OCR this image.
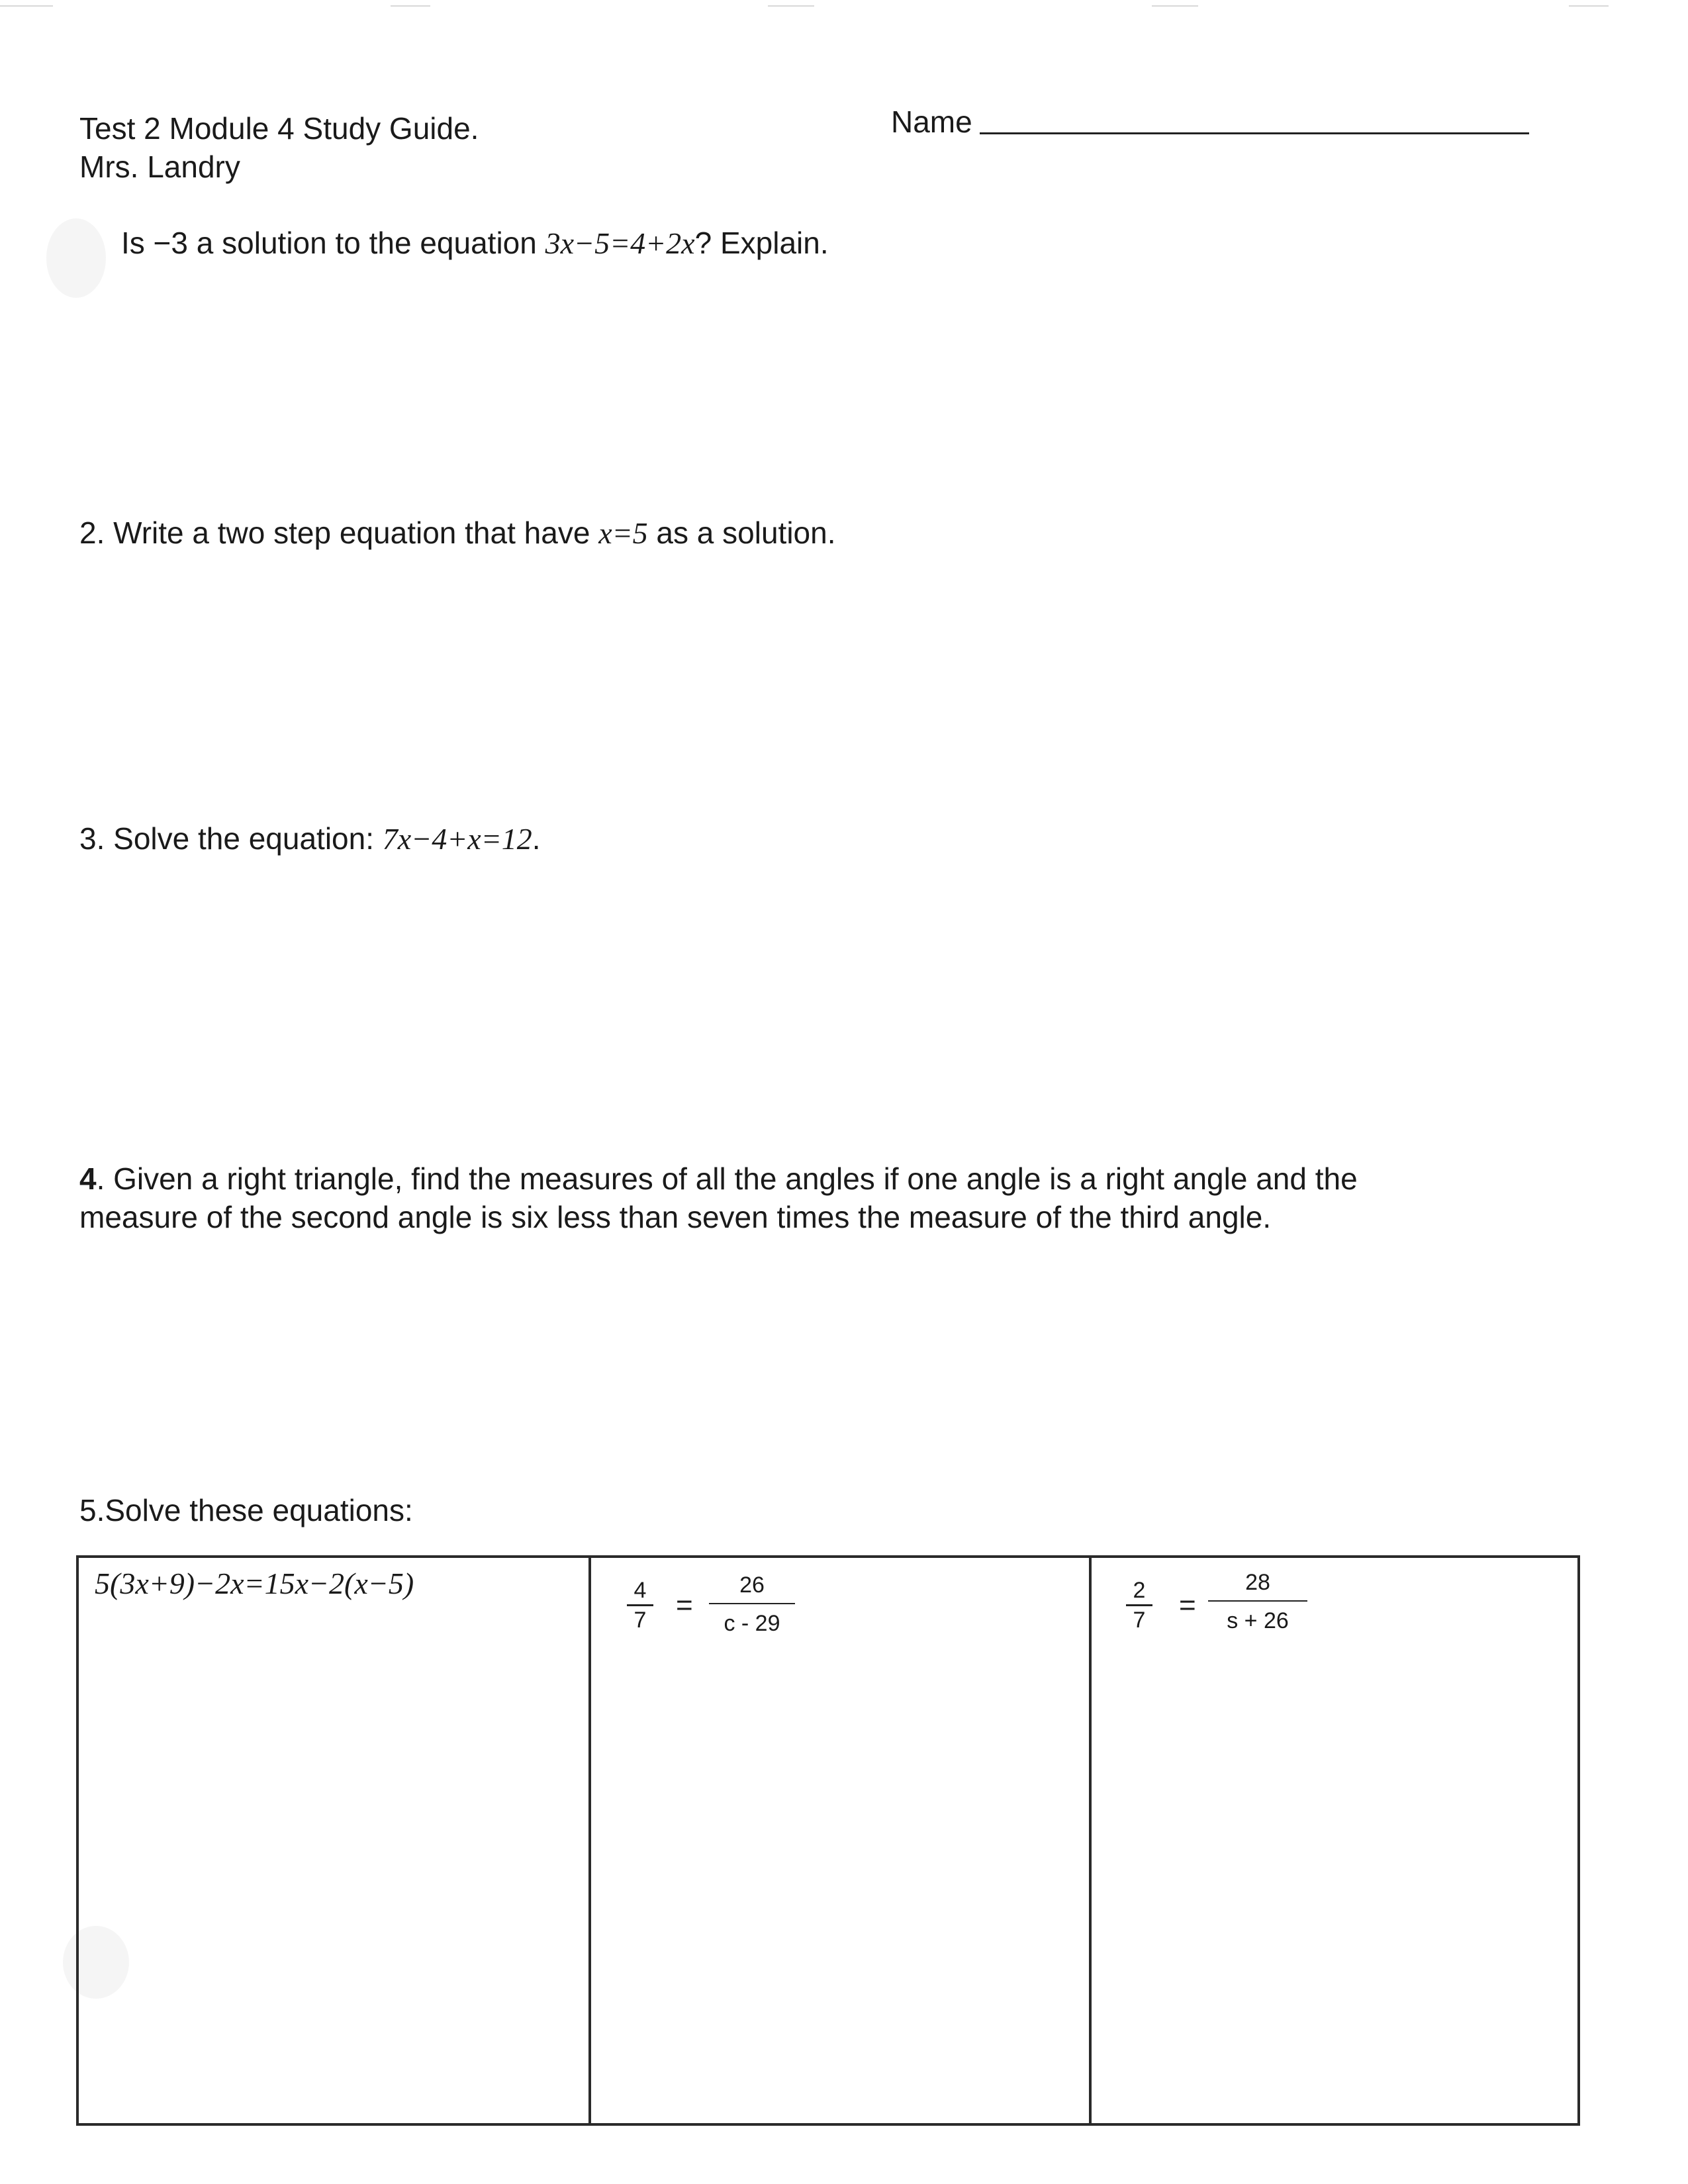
Test 2 Module 4 Study Guide.
Mrs. Landry
Name
Is −3 a solution to the equation 3x−5=4+2x? Explain.
2. Write a two step equation that have x=5 as a solution.
3. Solve the equation: 7x−4+x=12.
4. Given a right triangle, find the measures of all the angles if one angle is a right angle and the
measure of the second angle is six less than seven times the measure of the third angle.
5.Solve these equations:
5(3x+9)−2x=15x−2(x−5)	4
7 =
26
c - 29
2
7 =
28
s + 26
